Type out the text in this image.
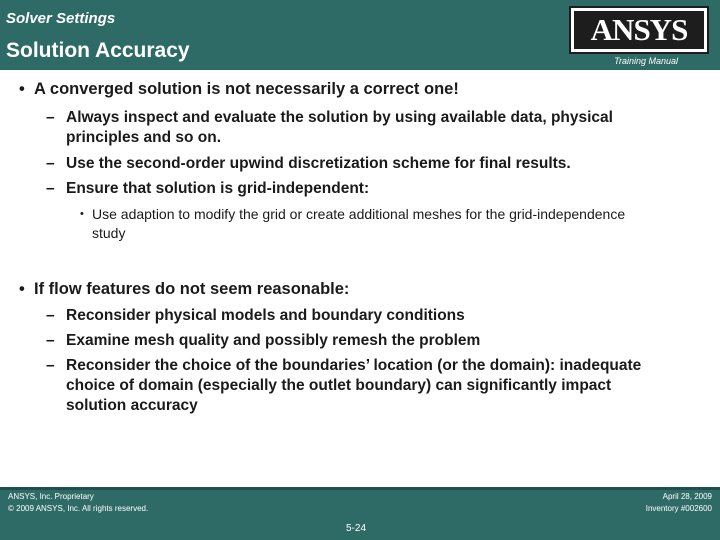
Solver Settings
Solution Accuracy
ANSYS
Training Manual
• A converged solution is not necessarily a correct one!
– Always inspect and evaluate the solution by using available data, physical principles and so on.
– Use the second-order upwind discretization scheme for final results.
– Ensure that solution is grid-independent:
• Use adaption to modify the grid or create additional meshes for the grid-independence study
• If flow features do not seem reasonable:
– Reconsider physical models and boundary conditions
– Examine mesh quality and possibly remesh the problem
– Reconsider the choice of the boundaries’ location (or the domain): inadequate choice of domain (especially the outlet boundary) can significantly impact solution accuracy
ANSYS, Inc. Proprietary
© 2009 ANSYS, Inc. All rights reserved.
5-24
April 28, 2009
Inventory #002600
